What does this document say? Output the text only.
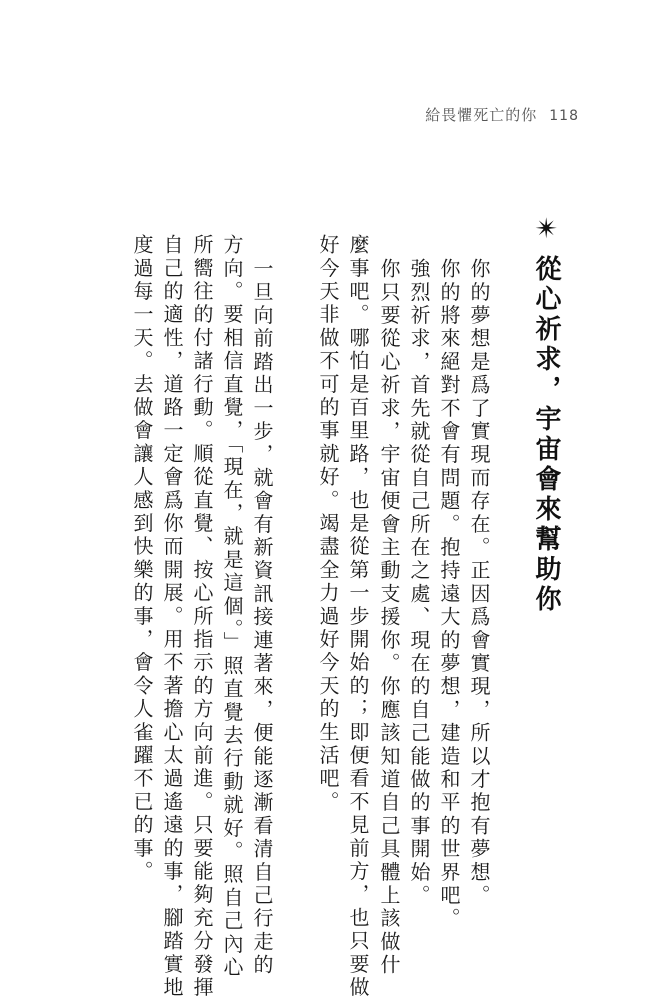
給畏懼死亡的你 118
✴從心祈求，宇宙會來幫助你
你的夢想是爲了實現而存在。正因爲會實現，所以才抱有夢想。
你的將來絕對不會有問題。抱持遠大的夢想，建造和平的世界吧。
強烈祈求，首先就從自己所在之處、現在的自己能做的事開始。
你只要從心祈求，宇宙便會主動支援你。你應該知道自己具體上該做什
麼事吧。哪怕是百里路，也是從第一步開始的；即便看不見前方，也只要做
好今天非做不可的事就好。竭盡全力過好今天的生活吧。
一旦向前踏出一步，就會有新資訊接連著來，便能逐漸看清自己行走的
方向。要相信直覺，「現在，就是這個。」照直覺去行動就好。照自己內心
所嚮往的付諸行動。順從直覺、按心所指示的方向前進。只要能夠充分發揮
自己的適性，道路一定會爲你而開展。用不著擔心太過遙遠的事，腳踏實地
度過每一天。去做會讓人感到快樂的事，會令人雀躍不已的事。
